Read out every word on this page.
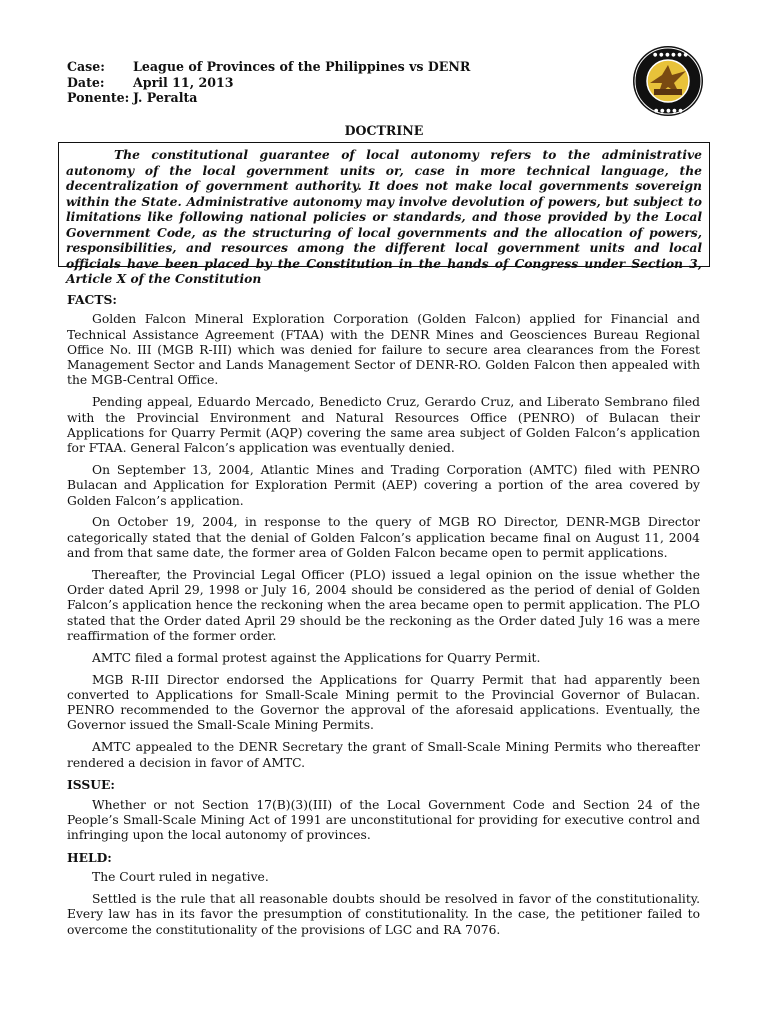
Case:	League of Provinces of the Philippines vs DENR
Date:	April 11, 2013
Ponente: J. Peralta
● ● ● ● ● ●
● ● ● ● ●
DOCTRINE

The constitutional guarantee of local autonomy refers to the administrative autonomy of the local government units or, case in more technical language, the decentralization of government authority. It does not make local governments sovereign within the State. Administrative autonomy may involve devolution of powers, but subject to limitations like following national policies or standards, and those provided by the Local Government Code, as the structuring of local governments and the allocation of powers, responsibilities, and resources among the different local government units and local officials have been placed by the Constitution in the hands of Congress under Section 3, Article X of the Constitution

FACTS:

Golden Falcon Mineral Exploration Corporation (Golden Falcon) applied for Financial and Technical Assistance Agreement (FTAA) with the DENR Mines and Geosciences Bureau Regional Office No. III (MGB R-III) which was denied for failure to secure area clearances from the Forest Management Sector and Lands Management Sector of DENR-RO. Golden Falcon then appealed with the MGB-Central Office.

Pending appeal, Eduardo Mercado, Benedicto Cruz, Gerardo Cruz, and Liberato Sembrano filed with the Provincial Environment and Natural Resources Office (PENRO) of Bulacan their Applications for Quarry Permit (AQP) covering the same area subject of Golden Falcon’s application for FTAA. General Falcon’s application was eventually denied.

On September 13, 2004, Atlantic Mines and Trading Corporation (AMTC) filed with PENRO Bulacan and Application for Exploration Permit (AEP) covering a portion of the area covered by Golden Falcon’s application.

On October 19, 2004, in response to the query of MGB RO Director, DENR-MGB Director categorically stated that the denial of Golden Falcon’s application became final on August 11, 2004 and from that same date, the former area of Golden Falcon became open to permit applications.

Thereafter, the Provincial Legal Officer (PLO) issued a legal opinion on the issue whether the Order dated April 29, 1998 or July 16, 2004 should be considered as the period of denial of Golden Falcon’s application hence the reckoning when the area became open to permit application. The PLO stated that the Order dated April 29 should be the reckoning as the Order dated July 16 was a mere reaffirmation of the former order.

AMTC filed a formal protest against the Applications for Quarry Permit.

MGB R-III Director endorsed the Applications for Quarry Permit that had apparently been converted to Applications for Small-Scale Mining permit to the Provincial Governor of Bulacan. PENRO recommended to the Governor the approval of the aforesaid applications. Eventually, the Governor issued the Small-Scale Mining Permits.

AMTC appealed to the DENR Secretary the grant of Small-Scale Mining Permits who thereafter rendered a decision in favor of AMTC.

ISSUE:

Whether or not Section 17(B)(3)(III) of the Local Government Code and Section 24 of the People’s Small-Scale Mining Act of 1991 are unconstitutional for providing for executive control and infringing upon the local autonomy of provinces.

HELD:

The Court ruled in negative.

Settled is the rule that all reasonable doubts should be resolved in favor of the constitutionality. Every law has in its favor the presumption of constitutionality. In the case, the petitioner failed to overcome the constitutionality of the provisions of LGC and RA 7076.
